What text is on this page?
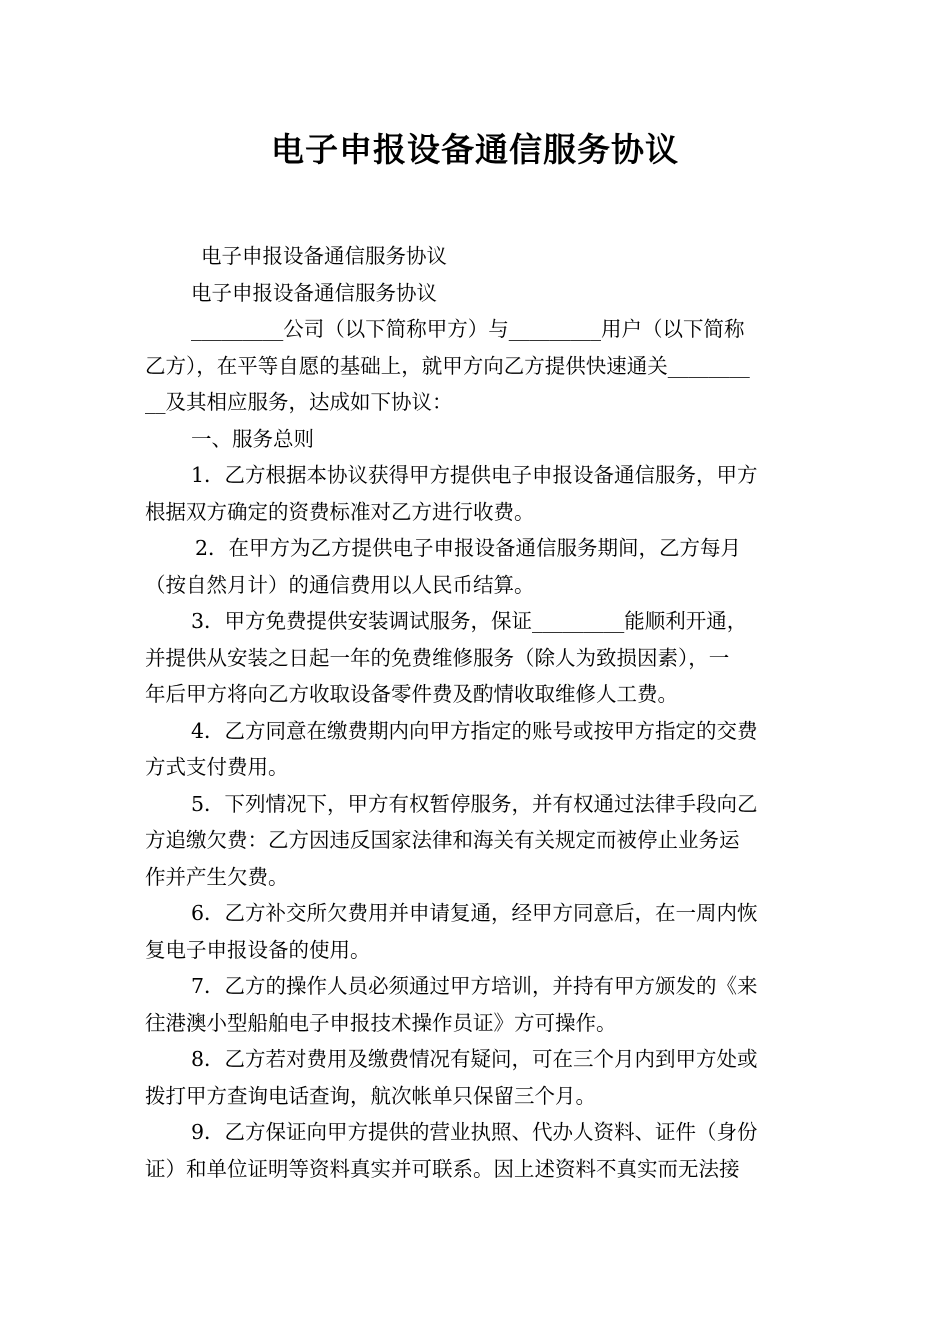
电子申报设备通信服务协议
电子申报设备通信服务协议
电子申报设备通信服务协议
_________公司（以下简称甲方）与_________用户（以下简称
乙方），在平等自愿的基础上，就甲方向乙方提供快速通关________
__及其相应服务，达成如下协议：
一、服务总则
1．乙方根据本协议获得甲方提供电子申报设备通信服务，甲方
根据双方确定的资费标准对乙方进行收费。
2．在甲方为乙方提供电子申报设备通信服务期间，乙方每月
（按自然月计）的通信费用以人民币结算。
3．甲方免费提供安装调试服务，保证_________能顺利开通，
并提供从安装之日起一年的免费维修服务（除人为致损因素），一
年后甲方将向乙方收取设备零件费及酌情收取维修人工费。
4．乙方同意在缴费期内向甲方指定的账号或按甲方指定的交费
方式支付费用。
5．下列情况下，甲方有权暂停服务，并有权通过法律手段向乙
方追缴欠费：乙方因违反国家法律和海关有关规定而被停止业务运
作并产生欠费。
6．乙方补交所欠费用并申请复通，经甲方同意后，在一周内恢
复电子申报设备的使用。
7．乙方的操作人员必须通过甲方培训，并持有甲方颁发的《来
往港澳小型船舶电子申报技术操作员证》方可操作。
8．乙方若对费用及缴费情况有疑问，可在三个月内到甲方处或
拨打甲方查询电话查询，航次帐单只保留三个月。
9．乙方保证向甲方提供的营业执照、代办人资料、证件（身份
证）和单位证明等资料真实并可联系。因上述资料不真实而无法接
